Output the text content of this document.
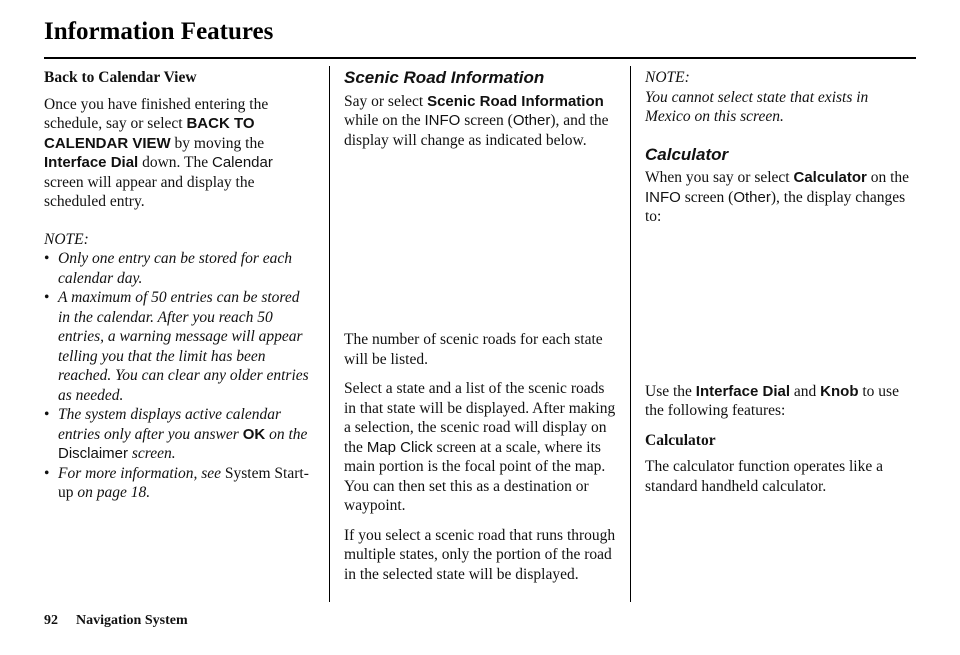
Information Features

Back to Calendar View

Once you have finished entering the schedule, say or select BACK TO CALENDAR VIEW by moving the Interface Dial down. The Calendar screen will appear and display the scheduled entry.

NOTE:

• Only one entry can be stored for each calendar day.
• A maximum of 50 entries can be stored in the calendar. After you reach 50 entries, a warning message will appear telling you that the limit has been reached. You can clear any older entries as needed.
• The system displays active calendar entries only after you answer OK on the Disclaimer screen.
• For more information, see System Start-up on page 18.

Scenic Road Information

Say or select Scenic Road Information while on the INFO screen (Other), and the display will change as indicated below.

The number of scenic roads for each state will be listed.

Select a state and a list of the scenic roads in that state will be displayed. After making a selection, the scenic road will display on the Map Click screen at a scale, where its main portion is the focal point of the map. You can then set this as a destination or waypoint.

If you select a scenic road that runs through multiple states, only the portion of the road in the selected state will be displayed.

NOTE:

You cannot select state that exists in Mexico on this screen.

Calculator

When you say or select Calculator on the INFO screen (Other), the display changes to:

Use the Interface Dial and Knob to use the following features:

Calculator

The calculator function operates like a standard handheld calculator.

92 Navigation System
